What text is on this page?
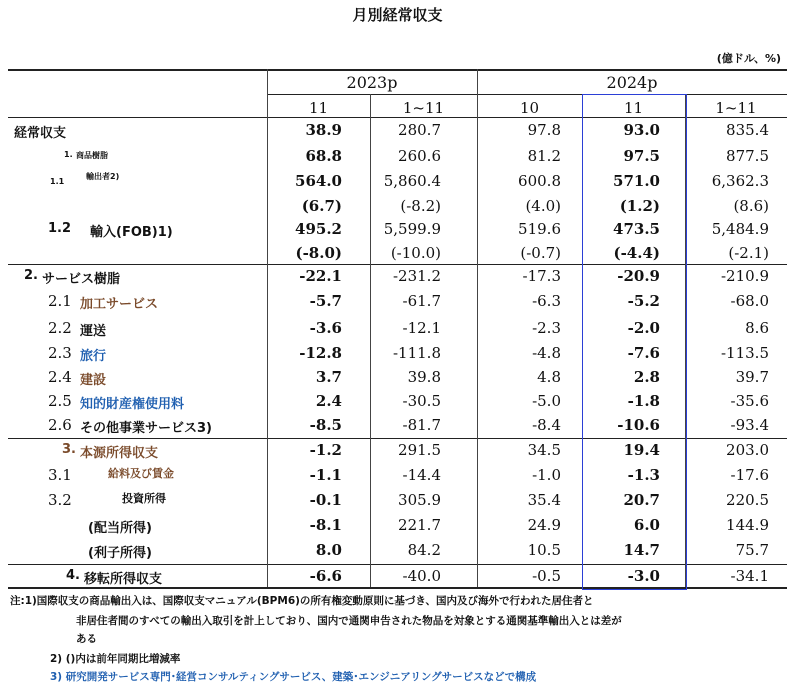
月別経常収支
(億ドル、%)
2023p	2024p
11	1~11	10	11	1~11
経常収支	38.9	280.7	97.8	93.0	835.4
1. 商品樹脂	68.8	260.6	81.2	97.5	877.5
1.1
輸出者2)	564.0	5,860.4	600.8	571.0	6,362.3
(6.7)	(-8.2)	(4.0)	(1.2)	(8.6)
1.2 輸入(FOB)1)	495.2	5,599.9	519.6	473.5	5,484.9
(-8.0)	(-10.0)	(-0.7)	(-4.4)	(-2.1)
2. サービス樹脂	-22.1	-231.2	-17.3	-20.9	-210.9
2.1 加工サービス	-5.7	-61.7	-6.3	-5.2	-68.0
2.2 運送	-3.6	-12.1	-2.3	-2.0	8.6
2.3 旅行	-12.8	-111.8	-4.8	-7.6	-113.5
2.4 建設	3.7	39.8	4.8	2.8	39.7
2.5 知的財産権使用料	2.4	-30.5	-5.0	-1.8	-35.6
2.6 その他事業サービス3)	-8.5	-81.7	-8.4	-10.6	-93.4
3. 本源所得収支	-1.2	291.5	34.5	19.4	203.0
3.1	給料及び賃金	-1.1	-14.4	-1.0	-1.3	-17.6
3.2	投資所得	-0.1	305.9	35.4	20.7	220.5
(配当所得)	-8.1	221.7	24.9	6.0	144.9
(利子所得)	8.0	84.2	10.5	14.7	75.7
4. 移転所得収支	-6.6	-40.0	-0.5	-3.0	-34.1
注:1)国際収支の商品輸出入は、国際収支マニュアル(BPM6)の所有権変動原則に基づき、国内及び海外で行われた居住者と
非居住者間のすべての輸出入取引を計上しており、国内で通関申告された物品を対象とする通関基準輸出入とは差が
ある
2) ()内は前年同期比増減率
3) 研究開発サービス専門･経営コンサルティングサービス、建築･エンジニアリングサービスなどで構成
